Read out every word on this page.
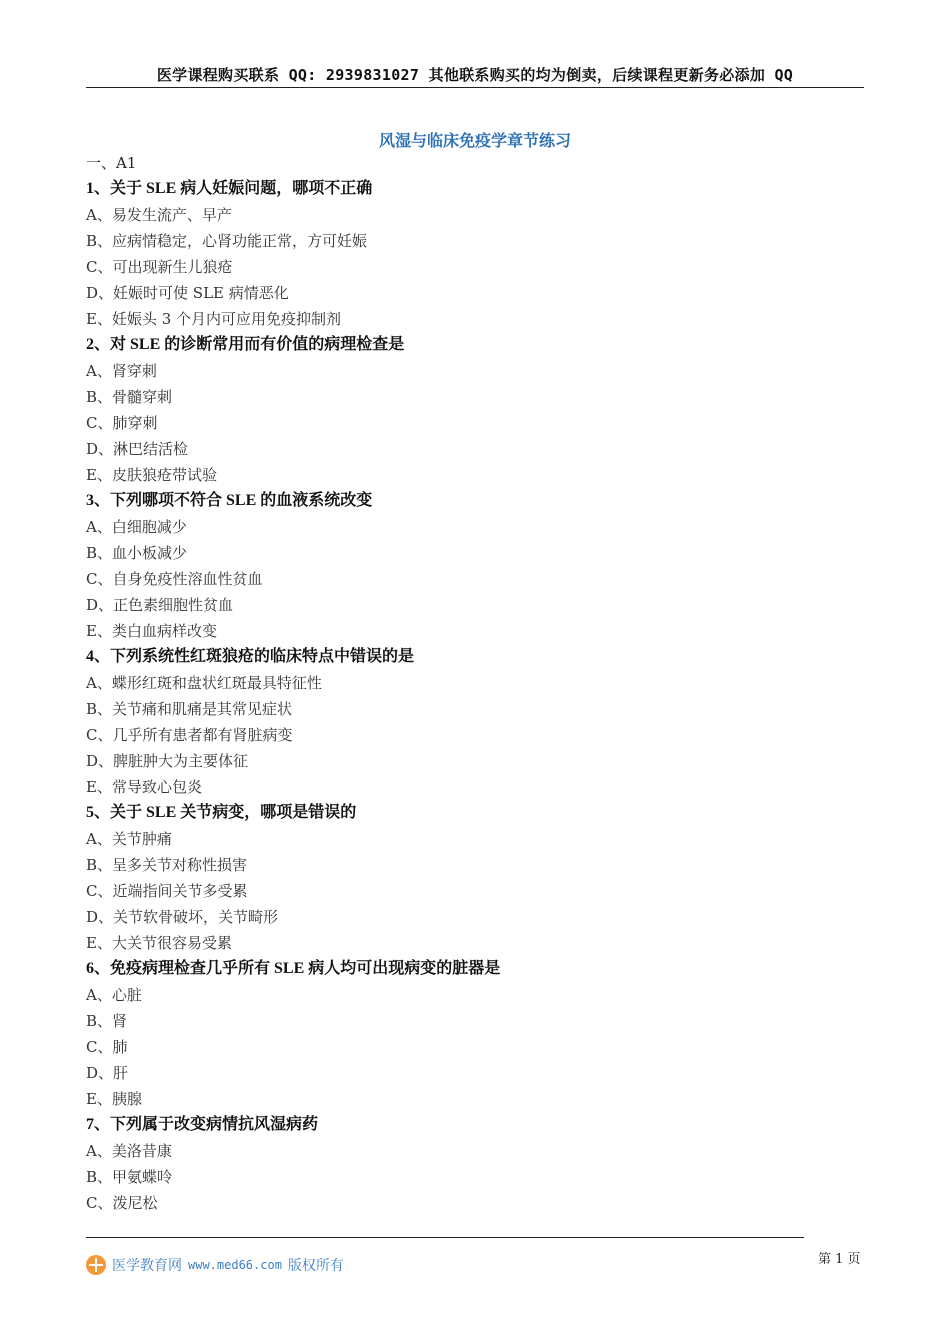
医学课程购买联系 QQ: 2939831027 其他联系购买的均为倒卖，后续课程更新务必添加 QQ
风湿与临床免疫学章节练习
一、A1
1、关于 SLE 病人妊娠问题，哪项不正确
A、易发生流产、早产
B、应病情稳定，心肾功能正常，方可妊娠
C、可出现新生儿狼疮
D、妊娠时可使 SLE 病情恶化
E、妊娠头 3 个月内可应用免疫抑制剂
2、对 SLE 的诊断常用而有价值的病理检查是
A、肾穿刺
B、骨髓穿刺
C、肺穿刺
D、淋巴结活检
E、皮肤狼疮带试验
3、下列哪项不符合 SLE 的血液系统改变
A、白细胞减少
B、血小板减少
C、自身免疫性溶血性贫血
D、正色素细胞性贫血
E、类白血病样改变
4、下列系统性红斑狼疮的临床特点中错误的是
A、蝶形红斑和盘状红斑最具特征性
B、关节痛和肌痛是其常见症状
C、几乎所有患者都有肾脏病变
D、脾脏肿大为主要体征
E、常导致心包炎
5、关于 SLE 关节病变，哪项是错误的
A、关节肿痛
B、呈多关节对称性损害
C、近端指间关节多受累
D、关节软骨破坏，关节畸形
E、大关节很容易受累
6、免疫病理检查几乎所有 SLE 病人均可出现病变的脏器是
A、心脏
B、肾
C、肺
D、肝
E、胰腺
7、下列属于改变病情抗风湿病药
A、美洛昔康
B、甲氨蝶呤
C、泼尼松
医学教育网 www.med66.com 版权所有	第 1 页
